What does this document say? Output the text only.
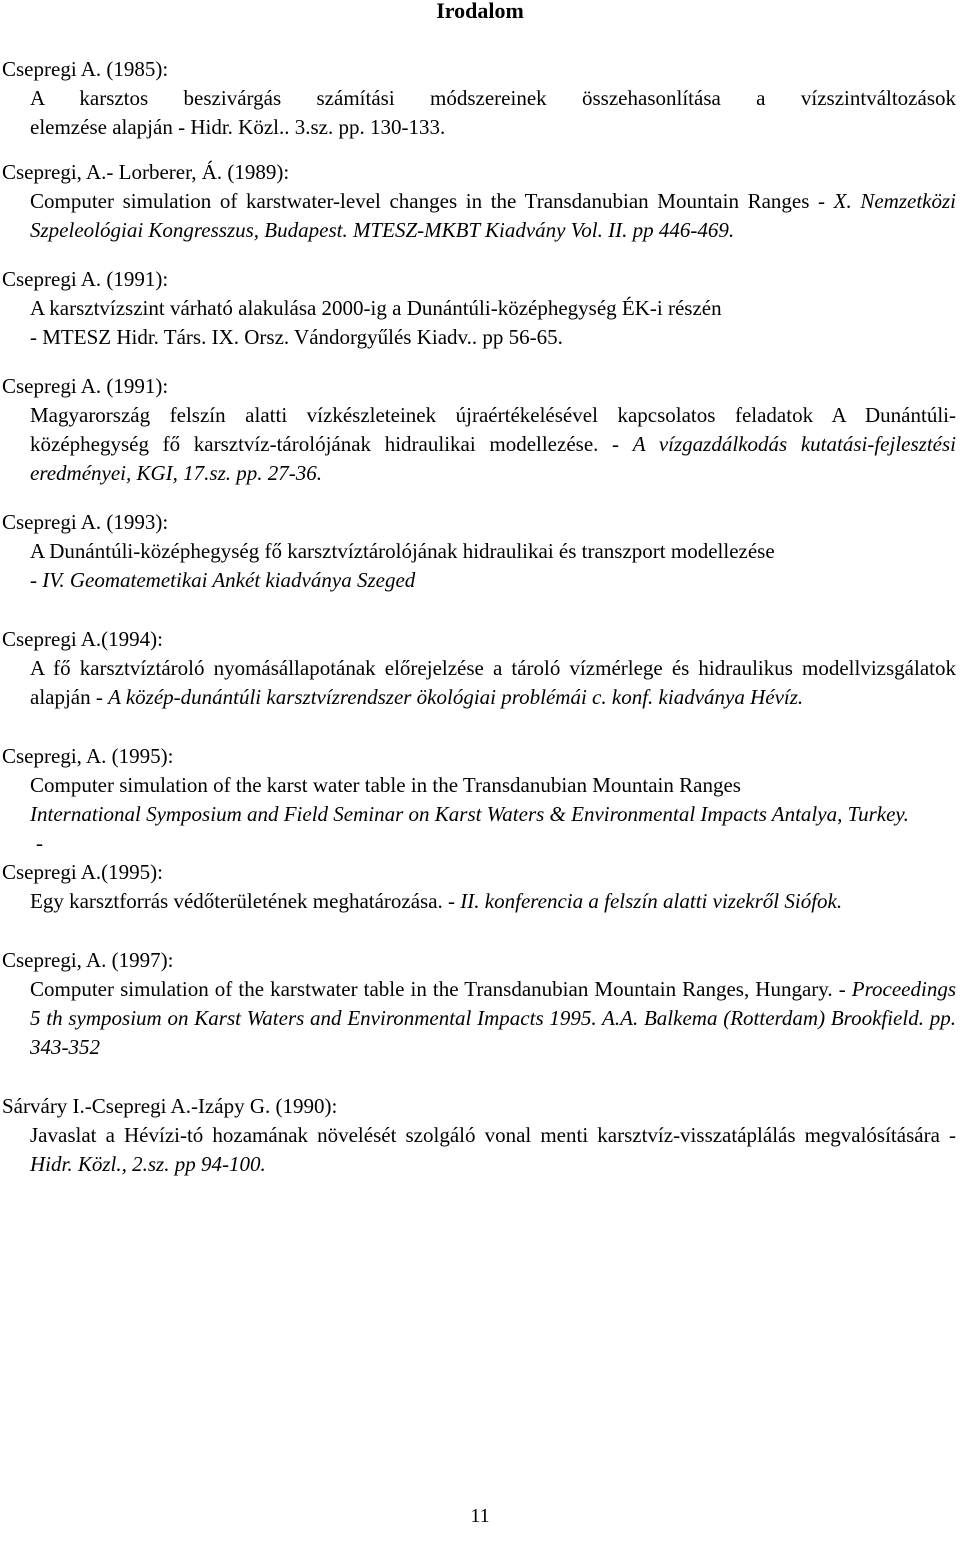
Irodalom
Csepregi A. (1985):
A karsztos beszivárgás számítási módszereinek összehasonlítása a vízszintváltozások
elemzése alapján - Hidr. Közl.. 3.sz. pp. 130-133.
Csepregi, A.- Lorberer, Á. (1989):
Computer simulation of karstwater-level changes in the Transdanubian Mountain Ranges - X. Nemzetközi Szpeleológiai Kongresszus, Budapest. MTESZ-MKBT Kiadvány Vol. II. pp 446-469.
Csepregi A. (1991):
A karsztvízszint várható alakulása 2000-ig a Dunántúli-középhegység ÉK-i részén
- MTESZ Hidr. Társ. IX. Orsz. Vándorgyűlés Kiadv.. pp 56-65.
Csepregi A. (1991):
Magyarország felszín alatti vízkészleteinek újraértékelésével kapcsolatos feladatok A Dunántúli-középhegység fő karsztvíz-tárolójának hidraulikai modellezése. - A vízgazdálkodás kutatási-fejlesztési eredményei, KGI, 17.sz. pp. 27-36.
Csepregi A. (1993):
A Dunántúli-középhegység fő karsztvíztárolójának hidraulikai és transzport modellezése
- IV. Geomatemetikai Ankét kiadványa Szeged
Csepregi A.(1994):
A fő karsztvíztároló nyomásállapotának előrejelzése a tároló vízmérlege és hidraulikus modellvizsgálatok alapján - A közép-dunántúli karsztvízrendszer ökológiai problémái c. konf. kiadványa Hévíz.
Csepregi, A. (1995):
Computer simulation of the karst water table in the Transdanubian Mountain Ranges
International Symposium and Field Seminar on Karst Waters & Environmental Impacts Antalya, Turkey.
-
Csepregi A.(1995):
Egy karsztforrás védőterületének meghatározása. - II. konferencia a felszín alatti vizekről Siófok.
Csepregi, A. (1997):
Computer simulation of the karstwater table in the Transdanubian Mountain Ranges, Hungary. - Proceedings 5 th symposium on Karst Waters and Environmental Impacts 1995. A.A. Balkema (Rotterdam) Brookfield. pp. 343-352
Sárváry I.-Csepregi A.-Izápy G. (1990):
Javaslat a Hévízi-tó hozamának növelését szolgáló vonal menti karsztvíz-visszatáplálás megvalósítására - Hidr. Közl., 2.sz. pp 94-100.
11
